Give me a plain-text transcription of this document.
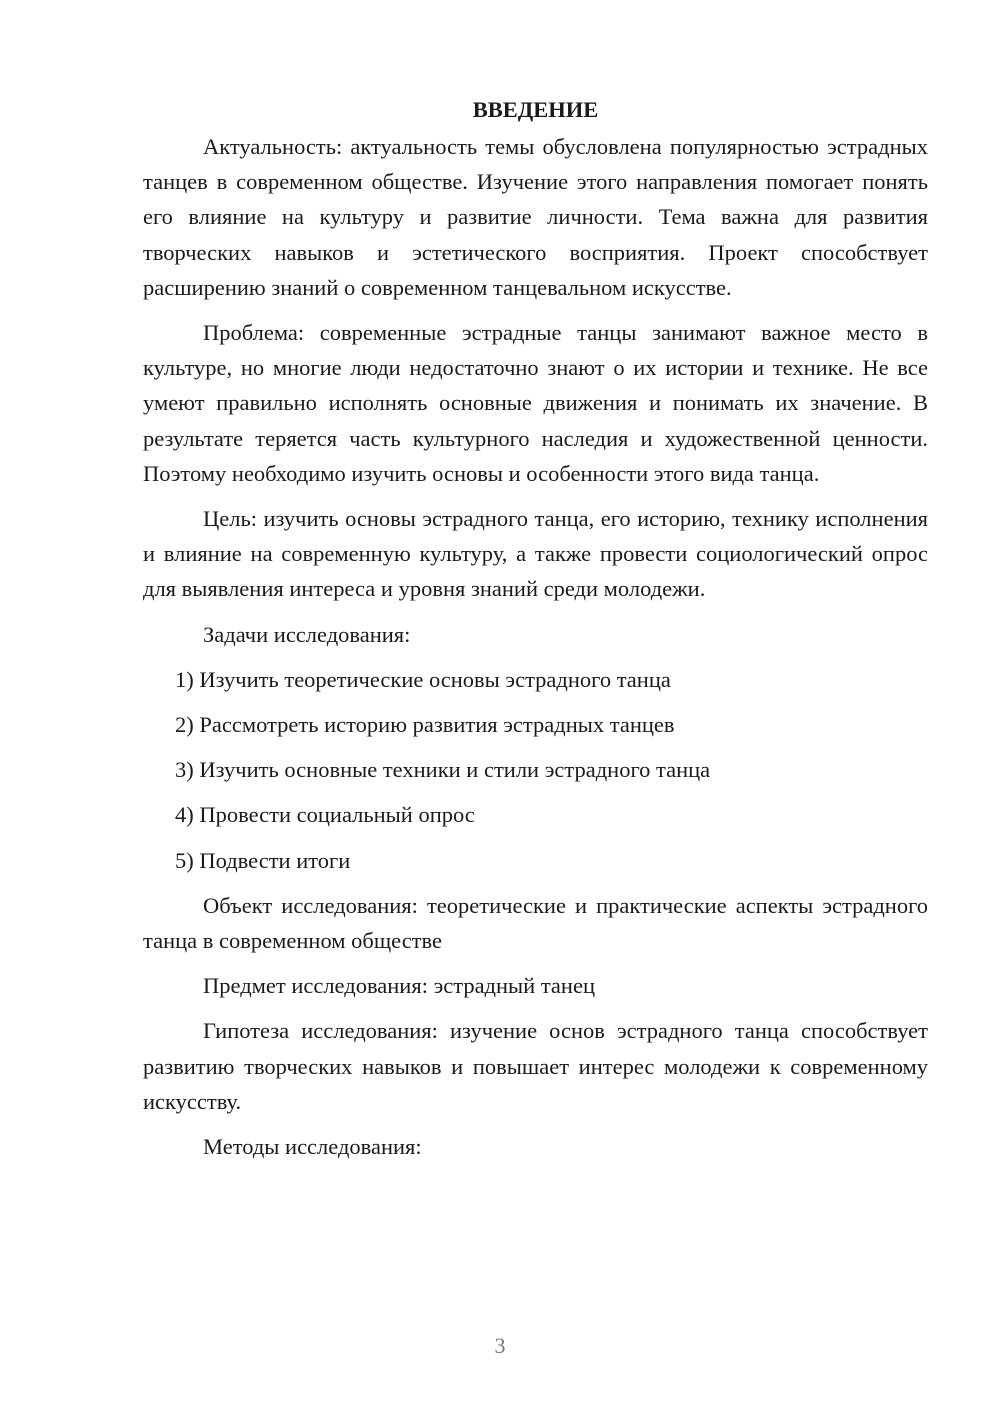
ВВЕДЕНИЕ

Актуальность: актуальность темы обусловлена популярностью эстрадных танцев в современном обществе. Изучение этого направления помогает понять его влияние на культуру и развитие личности. Тема важна для развития творческих навыков и эстетического восприятия. Проект способствует расширению знаний о современном танцевальном искусстве.

Проблема: современные эстрадные танцы занимают важное место в культуре, но многие люди недостаточно знают о их истории и технике. Не все умеют правильно исполнять основные движения и понимать их значение. В результате теряется часть культурного наследия и художественной ценности. Поэтому необходимо изучить основы и особенности этого вида танца.

Цель: изучить основы эстрадного танца, его историю, технику исполнения и влияние на современную культуру, а также провести социологический опрос для выявления интереса и уровня знаний среди молодежи.

Задачи исследования:

1) Изучить теоретические основы эстрадного танца
2) Рассмотреть историю развития эстрадных танцев
3) Изучить основные техники и стили эстрадного танца
4) Провести социальный опрос
5) Подвести итоги

Объект исследования: теоретические и практические аспекты эстрадного танца в современном обществе

Предмет исследования: эстрадный танец

Гипотеза исследования: изучение основ эстрадного танца способствует развитию творческих навыков и повышает интерес молодежи к современному искусству.

Методы исследования:

3
